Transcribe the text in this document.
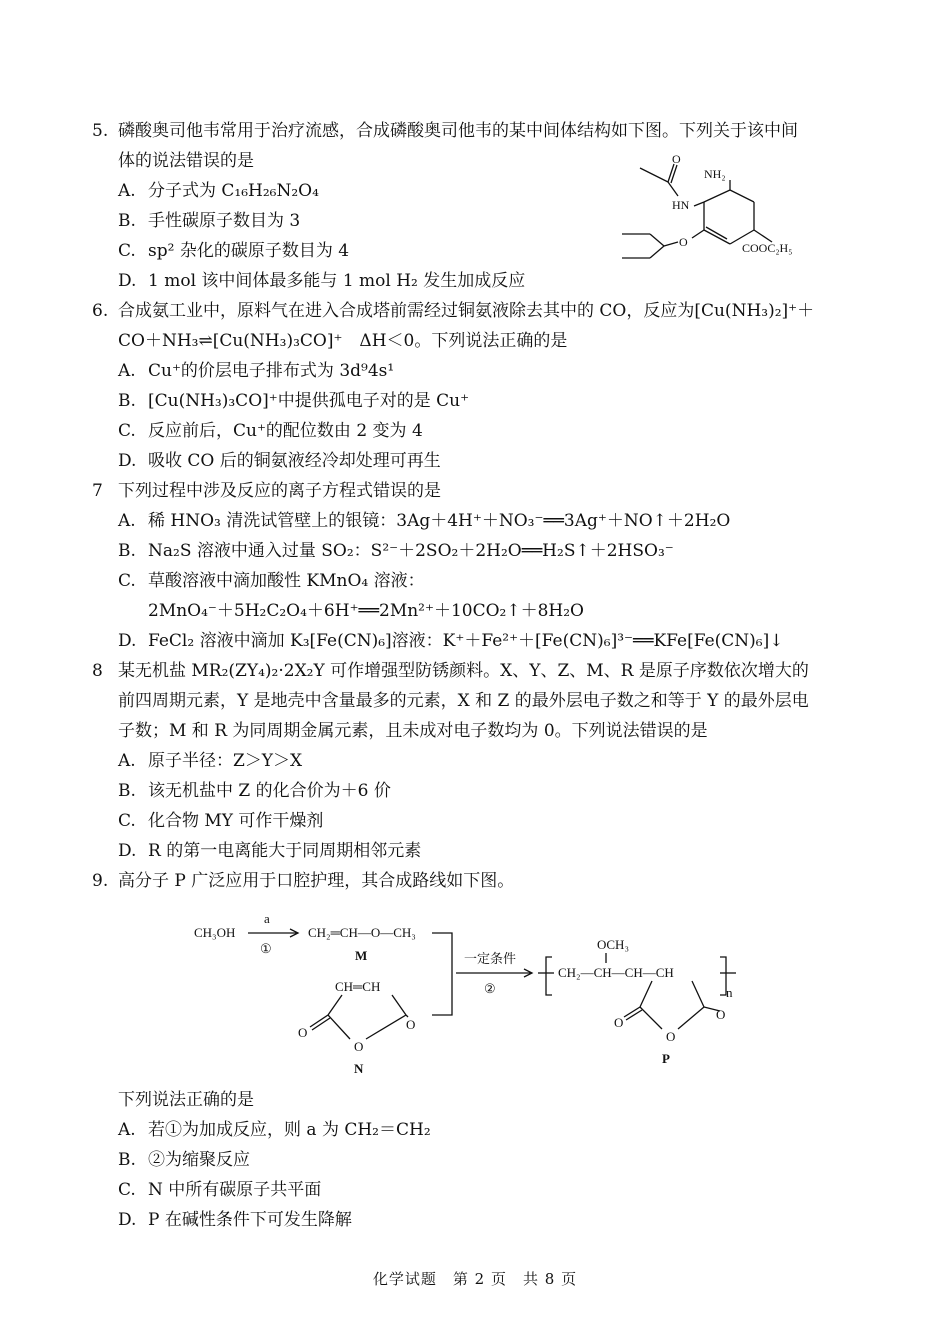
5. 磷酸奥司他韦常用于治疗流感，合成磷酸奥司他韦的某中间体结构如下图。下列关于该中间
体的说法错误的是
A. 分子式为 C₁₆H₂₆N₂O₄
B. 手性碳原子数目为 3
C. sp² 杂化的碳原子数目为 4
D. 1 mol 该中间体最多能与 1 mol H₂ 发生加成反应
O
NH₂
HN
O	COOC₂H₅
6. 合成氨工业中，原料气在进入合成塔前需经过铜氨液除去其中的 CO，反应为[Cu(NH₃)₂]⁺＋
CO＋NH₃⇌[Cu(NH₃)₃CO]⁺　ΔH＜0。下列说法正确的是
A. Cu⁺的价层电子排布式为 3d⁹4s¹
B. [Cu(NH₃)₃CO]⁺中提供孤电子对的是 Cu⁺
C. 反应前后，Cu⁺的配位数由 2 变为 4
D. 吸收 CO 后的铜氨液经冷却处理可再生
7 下列过程中涉及反应的离子方程式错误的是
A. 稀 HNO₃ 清洗试管壁上的银镜：3Ag＋4H⁺＋NO₃⁻══3Ag⁺＋NO↑＋2H₂O
B. Na₂S 溶液中通入过量 SO₂：S²⁻＋2SO₂＋2H₂O══H₂S↑＋2HSO₃⁻
C. 草酸溶液中滴加酸性 KMnO₄ 溶液：
2MnO₄⁻＋5H₂C₂O₄＋6H⁺══2Mn²⁺＋10CO₂↑＋8H₂O
D. FeCl₂ 溶液中滴加 K₃[Fe(CN)₆]溶液：K⁺＋Fe²⁺＋[Fe(CN)₆]³⁻══KFe[Fe(CN)₆]↓
8 某无机盐 MR₂(ZY₄)₂·2X₂Y 可作增强型防锈颜料。X、Y、Z、M、R 是原子序数依次增大的
前四周期元素，Y 是地壳中含量最多的元素，X 和 Z 的最外层电子数之和等于 Y 的最外层电
子数；M 和 R 为同周期金属元素，且未成对电子数均为 0。下列说法错误的是
A. 原子半径：Z＞Y＞X
B. 该无机盐中 Z 的化合价为＋6 价
C. 化合物 MY 可作干燥剂
D. R 的第一电离能大于同周期相邻元素
9. 高分子 P 广泛应用于口腔护理，其合成路线如下图。
CH₃OH
a
①
CH₂═CH—O—CH₃
M
CH═CH
O
O
O
N
一定条件
②
OCH₃
CH₂—CH—CH—CH
n
O
O
O
P
下列说法正确的是
A. 若①为加成反应，则 a 为 CH₂＝CH₂
B. ②为缩聚反应
C. N 中所有碳原子共平面
D. P 在碱性条件下可发生降解
化学试题　第 2 页　共 8 页
